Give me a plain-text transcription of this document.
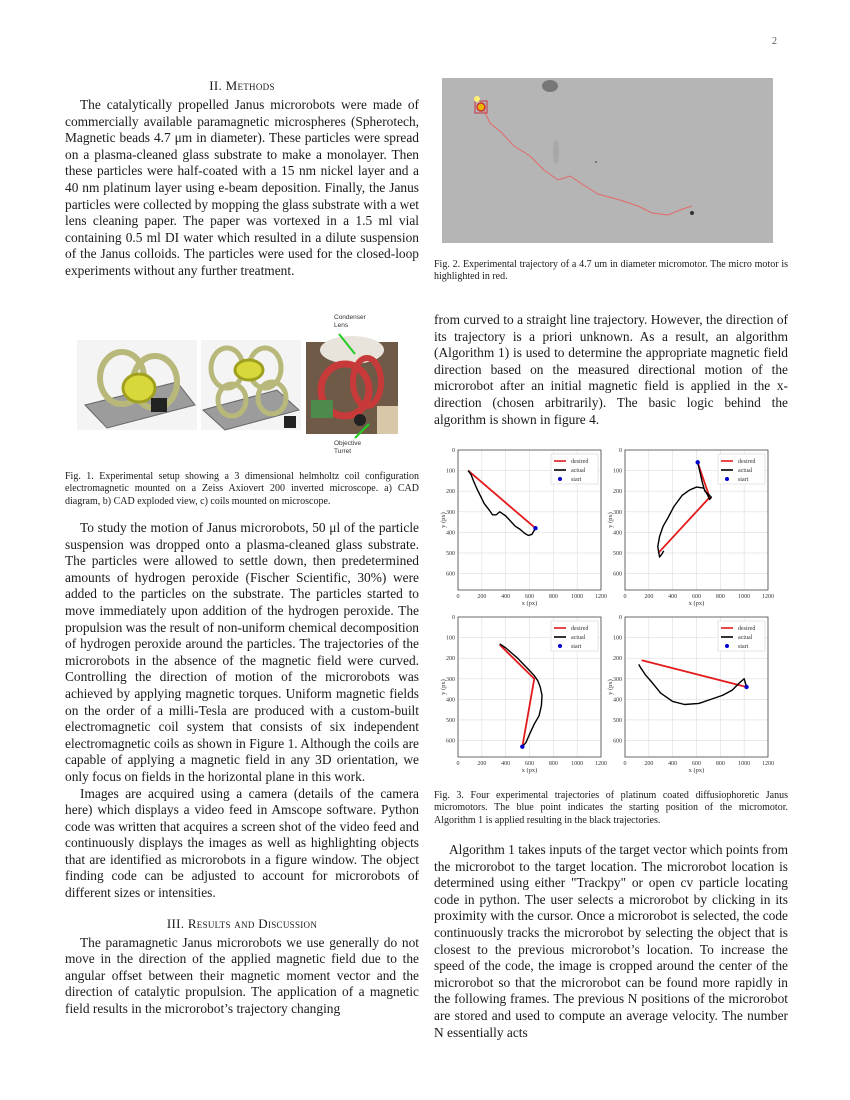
2
II. Methods

The catalytically propelled Janus microrobots were made of commercially available paramagnetic microspheres (Spherotech, Magnetic beads 4.7 μm in diameter). These particles were spread on a plasma-cleaned glass substrate to make a monolayer. Then these particles were half-coated with a 15 nm nickel layer and a 40 nm platinum layer using e-beam deposition. Finally, the Janus particles were collected by mopping the glass substrate with a wet lens cleaning paper. The paper was vortexed in a 1.5 ml vial containing 0.5 ml DI water which resulted in a dilute suspension of the Janus colloids. The particles were used for the closed-loop experiments without any further treatment.

Condenser Lens
Objective Turret

Fig. 1. Experimental setup showing a 3 dimensional helmholtz coil configuration electromagnetic mounted on a Zeiss Axiovert 200 inverted microscope. a) CAD diagram, b) CAD exploded view, c) coils mounted on microscope.

To study the motion of Janus microrobots, 50 μl of the particle suspension was dropped onto a plasma-cleaned glass substrate. The particles were allowed to settle down, then predetermined amounts of hydrogen peroxide (Fischer Scientific, 30%) were added to the particles on the substrate. The particles started to move immediately upon addition of the hydrogen peroxide. The propulsion was the result of non-uniform chemical decomposition of hydrogen peroxide around the particles. The trajectories of the microrobots in the absence of the magnetic field were curved. Controlling the direction of motion of the microrobots was achieved by applying magnetic torques. Uniform magnetic fields on the order of a milli-Tesla are produced with a custom-built electromagnetic coil system that consists of six independent electromagnetic coils as shown in Figure 1. Although the coils are capable of applying a magnetic field in any 3D orientation, we only focus on fields in the horizontal plane in this work.

Images are acquired using a camera (details of the camera here) which displays a video feed in Amscope software. Python code was written that acquires a screen shot of the video feed and continuously displays the images as well as highlighting objects that are identified as microrobots in a figure window. The object finding code can be adjusted to account for microrobots of different sizes or intensities.

III. Results and Discussion

The paramagnetic Janus microrobots we use generally do not move in the direction of the applied magnetic field due to the angular offset between their magnetic moment vector and the direction of catalytic propulsion. The application of a magnetic field results in the microrobot’s trajectory changing

Fig. 2. Experimental trajectory of a 4.7 um in diameter micromotor. The micro motor is highlighted in red.

from curved to a straight line trajectory. However, the direction of its trajectory is a priori unknown. As a result, an algorithm (Algorithm 1) is used to determine the appropriate magnetic field direction based on the measured directional motion of the microrobot after an initial magnetic field is applied in the x-direction (chosen arbitrarily). The basic logic behind the algorithm is shown in figure 4.

0	200 400 600 800 1000 1200
0
100
200
300
400
500
600
x (px)
y (px)
desired
actual
start
0	200 400 600 800 1000 1200
0
100
200
300
400
500
600
x (px)
y (px)
desired
actual
start
0	200 400 600 800 1000 1200
0
100
200
300
400
500
600
x (px)
y (px)
desired
actual
start
0	200 400 600 800 1000 1200
0
100
200
300
400
500
600
x (px)
y (px)
desired
actual
start

Fig. 3. Four experimental trajectories of platinum coated diffusiophoretic Janus micromotors. The blue point indicates the starting position of the micromotor. Algorithm 1 is applied resulting in the black trajectories.

Algorithm 1 takes inputs of the target vector which points from the microrobot to the target location. The microrobot location is determined using either "Trackpy" or open cv particle locating code in python. The user selects a microrobot by clicking in its proximity with the cursor. Once a microrobot is selected, the code continuously tracks the microrobot by selecting the object that is closest to the previous microrobot’s location. To increase the speed of the code, the image is cropped around the center of the microrobot so that the microrobot can be found more rapidly in the following frames. The previous N positions of the microrobot are stored and used to compute an average velocity. The number N essentially acts
